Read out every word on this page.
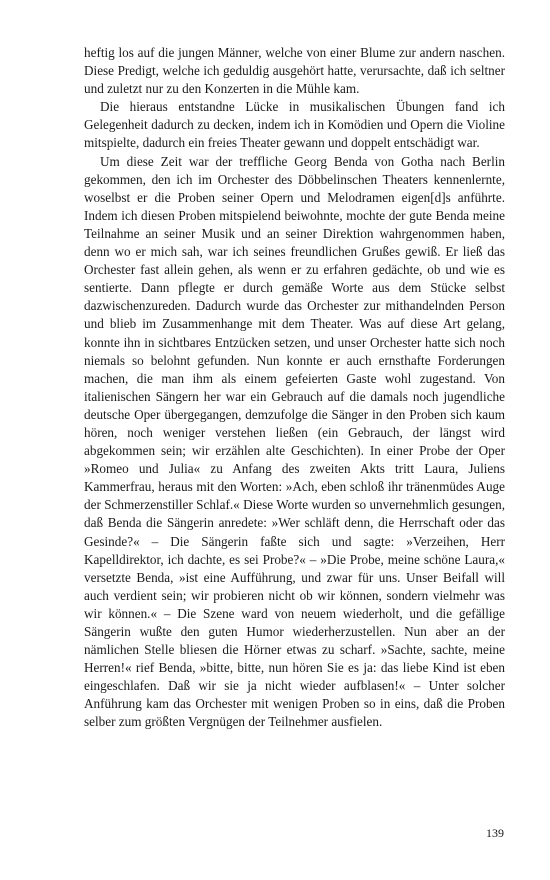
heftig los auf die jungen Männer, welche von einer Blume zur andern naschen. Diese Predigt, welche ich geduldig ausgehört hatte, verursachte, daß ich seltner und zuletzt nur zu den Konzerten in die Mühle kam.

Die hieraus entstandne Lücke in musikalischen Übungen fand ich Gelegenheit dadurch zu decken, indem ich in Komödien und Opern die Violine mitspielte, dadurch ein freies Theater gewann und doppelt entschädigt war.

Um diese Zeit war der treffliche Georg Benda von Gotha nach Berlin gekommen, den ich im Orchester des Döbbelinschen Theaters kennenlernte, woselbst er die Proben seiner Opern und Melodramen eigen[d]s anführte. Indem ich diesen Proben mitspielend beiwohnte, mochte der gute Benda meine Teilnahme an seiner Musik und an seiner Direktion wahrgenommen haben, denn wo er mich sah, war ich seines freundlichen Grußes gewiß. Er ließ das Orchester fast allein gehen, als wenn er zu erfahren gedächte, ob und wie es sentierte. Dann pflegte er durch gemäße Worte aus dem Stücke selbst dazwischenzureden. Dadurch wurde das Orchester zur mithandelnden Person und blieb im Zusammenhange mit dem Theater. Was auf diese Art gelang, konnte ihn in sichtbares Entzücken setzen, und unser Orchester hatte sich noch niemals so belohnt gefunden. Nun konnte er auch ernsthafte Forderungen machen, die man ihm als einem gefeierten Gaste wohl zugestand. Von italienischen Sängern her war ein Gebrauch auf die damals noch jugendliche deutsche Oper übergegangen, demzufolge die Sänger in den Proben sich kaum hören, noch weniger verstehen ließen (ein Gebrauch, der längst wird abgekommen sein; wir erzählen alte Geschichten). In einer Probe der Oper »Romeo und Julia« zu Anfang des zweiten Akts tritt Laura, Juliens Kammerfrau, heraus mit den Worten: »Ach, eben schloß ihr tränenmüdes Auge der Schmerzenstiller Schlaf.« Diese Worte wurden so unvernehmlich gesungen, daß Benda die Sängerin anredete: »Wer schläft denn, die Herrschaft oder das Gesinde?« – Die Sängerin faßte sich und sagte: »Verzeihen, Herr Kapelldirektor, ich dachte, es sei Probe?« – »Die Probe, meine schöne Laura,« versetzte Benda, »ist eine Aufführung, und zwar für uns. Unser Beifall will auch verdient sein; wir probieren nicht ob wir können, sondern vielmehr was wir können.« – Die Szene ward von neuem wiederholt, und die gefällige Sängerin wußte den guten Humor wiederherzustellen. Nun aber an der nämlichen Stelle bliesen die Hörner etwas zu scharf. »Sachte, sachte, meine Herren!« rief Benda, »bitte, bitte, nun hören Sie es ja: das liebe Kind ist eben eingeschlafen. Daß wir sie ja nicht wieder aufblasen!« – Unter solcher Anführung kam das Orchester mit wenigen Proben so in eins, daß die Proben selber zum größten Vergnügen der Teilnehmer ausfielen.

139
